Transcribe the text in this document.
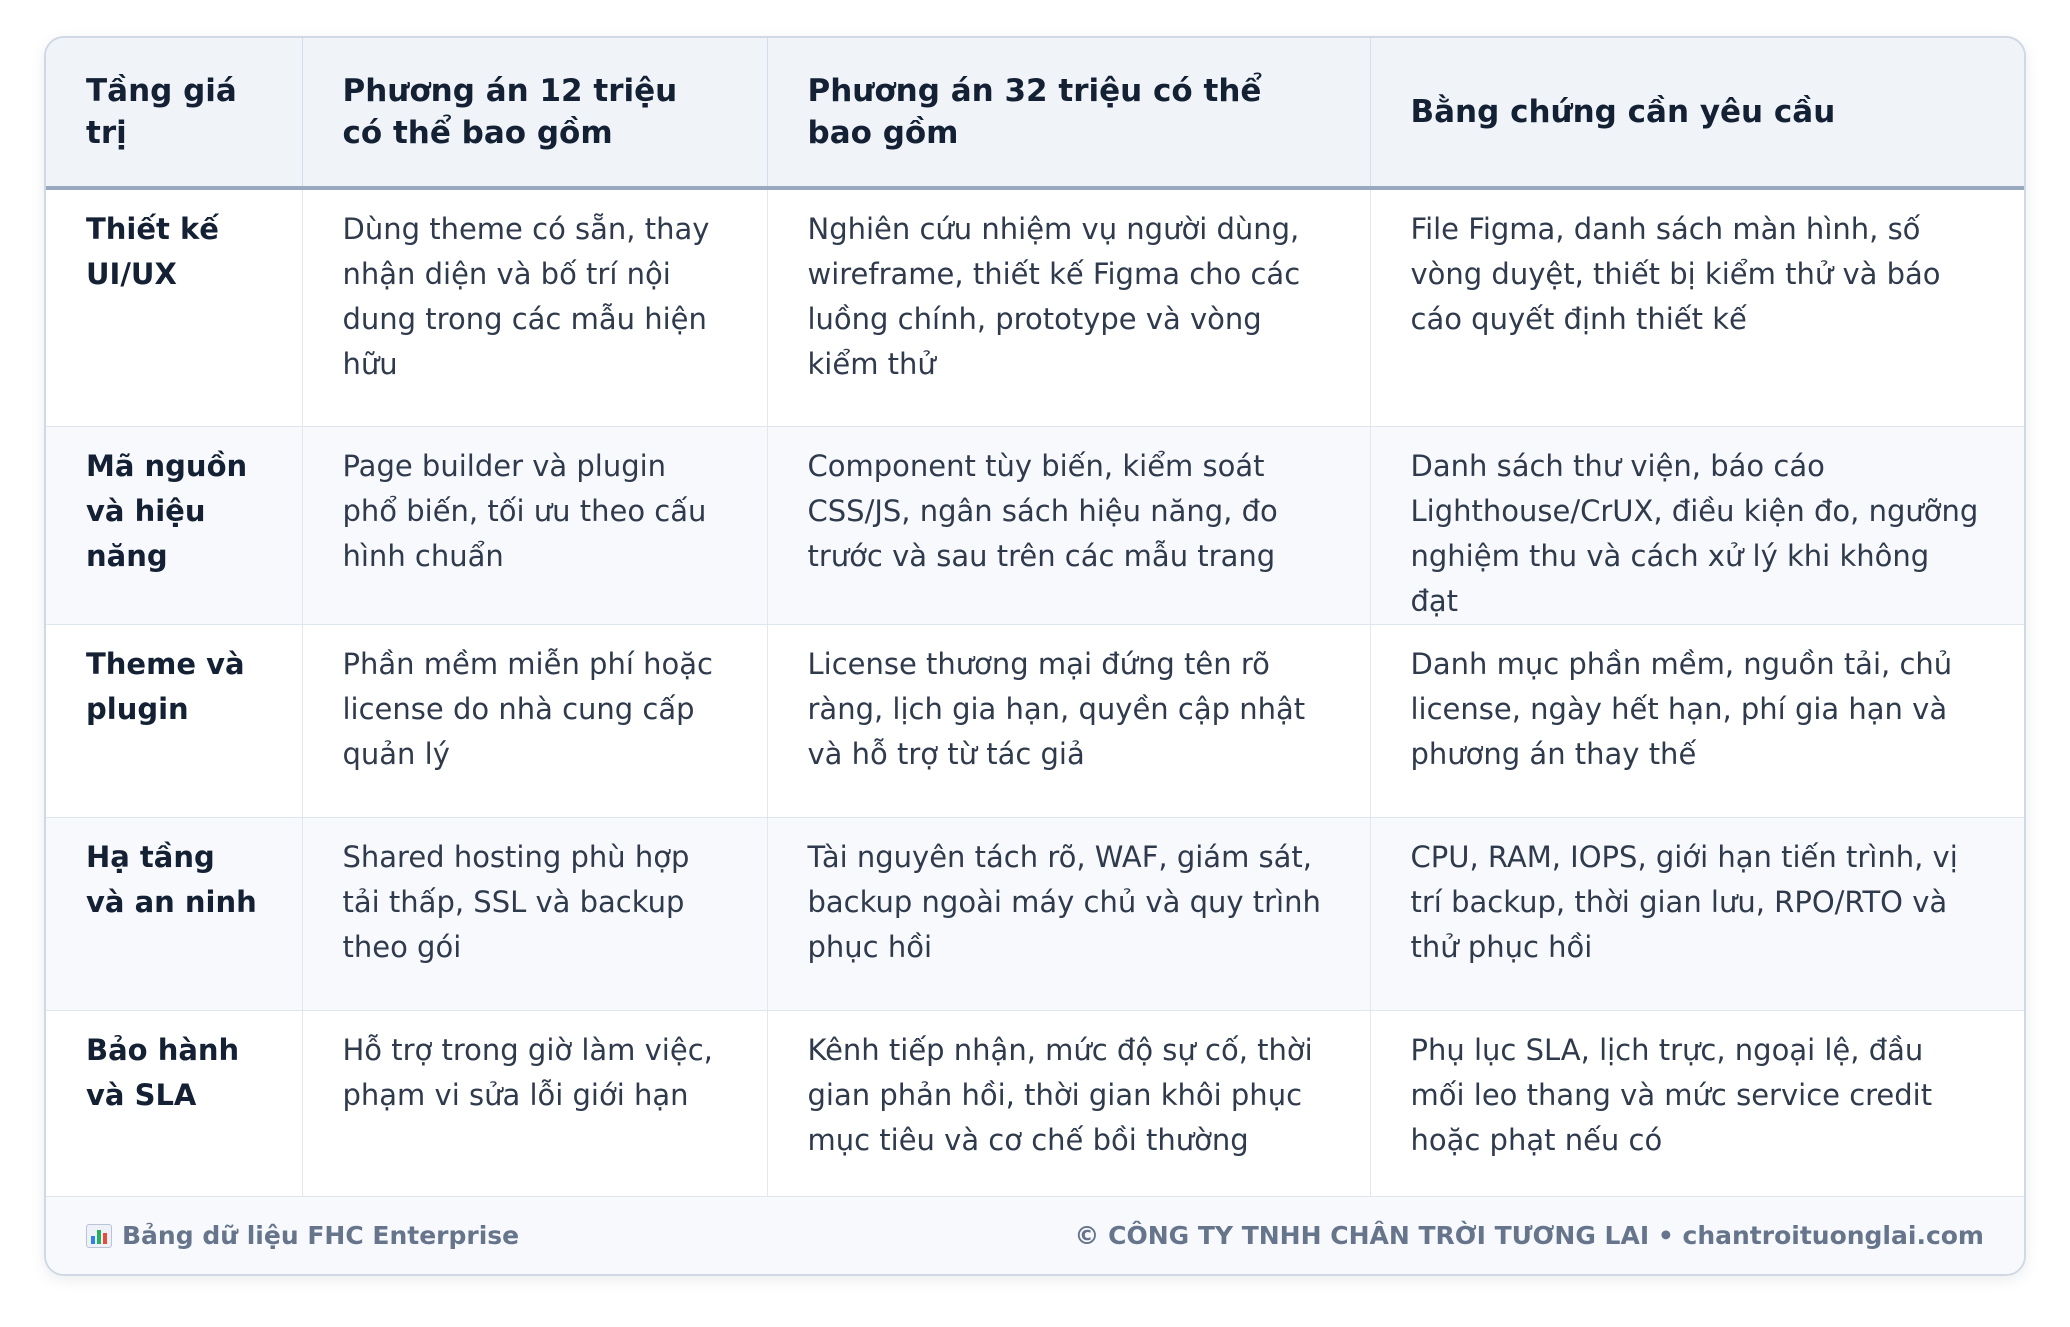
Tầng giá trị	Phương án 12 triệu có thể bao gồm	Phương án 32 triệu có thể bao gồm	Bằng chứng cần yêu cầu
Thiết kế UI/UX	Dùng theme có sẵn, thay nhận diện và bố trí nội dung trong các mẫu hiện hữu	Nghiên cứu nhiệm vụ người dùng, wireframe, thiết kế Figma cho các luồng chính, prototype và vòng kiểm thử	File Figma, danh sách màn hình, số vòng duyệt, thiết bị kiểm thử và báo cáo quyết định thiết kế
Mã nguồn và hiệu năng	Page builder và plugin phổ biến, tối ưu theo cấu hình chuẩn	Component tùy biến, kiểm soát CSS/JS, ngân sách hiệu năng, đo trước và sau trên các mẫu trang	Danh sách thư viện, báo cáo Lighthouse/CrUX, điều kiện đo, ngưỡng nghiệm thu và cách xử lý khi không đạt
Theme và plugin	Phần mềm miễn phí hoặc license do nhà cung cấp quản lý	License thương mại đứng tên rõ ràng, lịch gia hạn, quyền cập nhật và hỗ trợ từ tác giả	Danh mục phần mềm, nguồn tải, chủ license, ngày hết hạn, phí gia hạn và phương án thay thế
Hạ tầng và an ninh	Shared hosting phù hợp tải thấp, SSL và backup theo gói	Tài nguyên tách rõ, WAF, giám sát, backup ngoài máy chủ và quy trình phục hồi	CPU, RAM, IOPS, giới hạn tiến trình, vị trí backup, thời gian lưu, RPO/RTO và thử phục hồi
Bảo hành và SLA	Hỗ trợ trong giờ làm việc, phạm vi sửa lỗi giới hạn	Kênh tiếp nhận, mức độ sự cố, thời gian phản hồi, thời gian khôi phục mục tiêu và cơ chế bồi thường	Phụ lục SLA, lịch trực, ngoại lệ, đầu mối leo thang và mức service credit hoặc phạt nếu có
Bảng dữ liệu FHC Enterprise	© CÔNG TY TNHH CHÂN TRỜI TƯƠNG LAI • chantroituonglai.com
